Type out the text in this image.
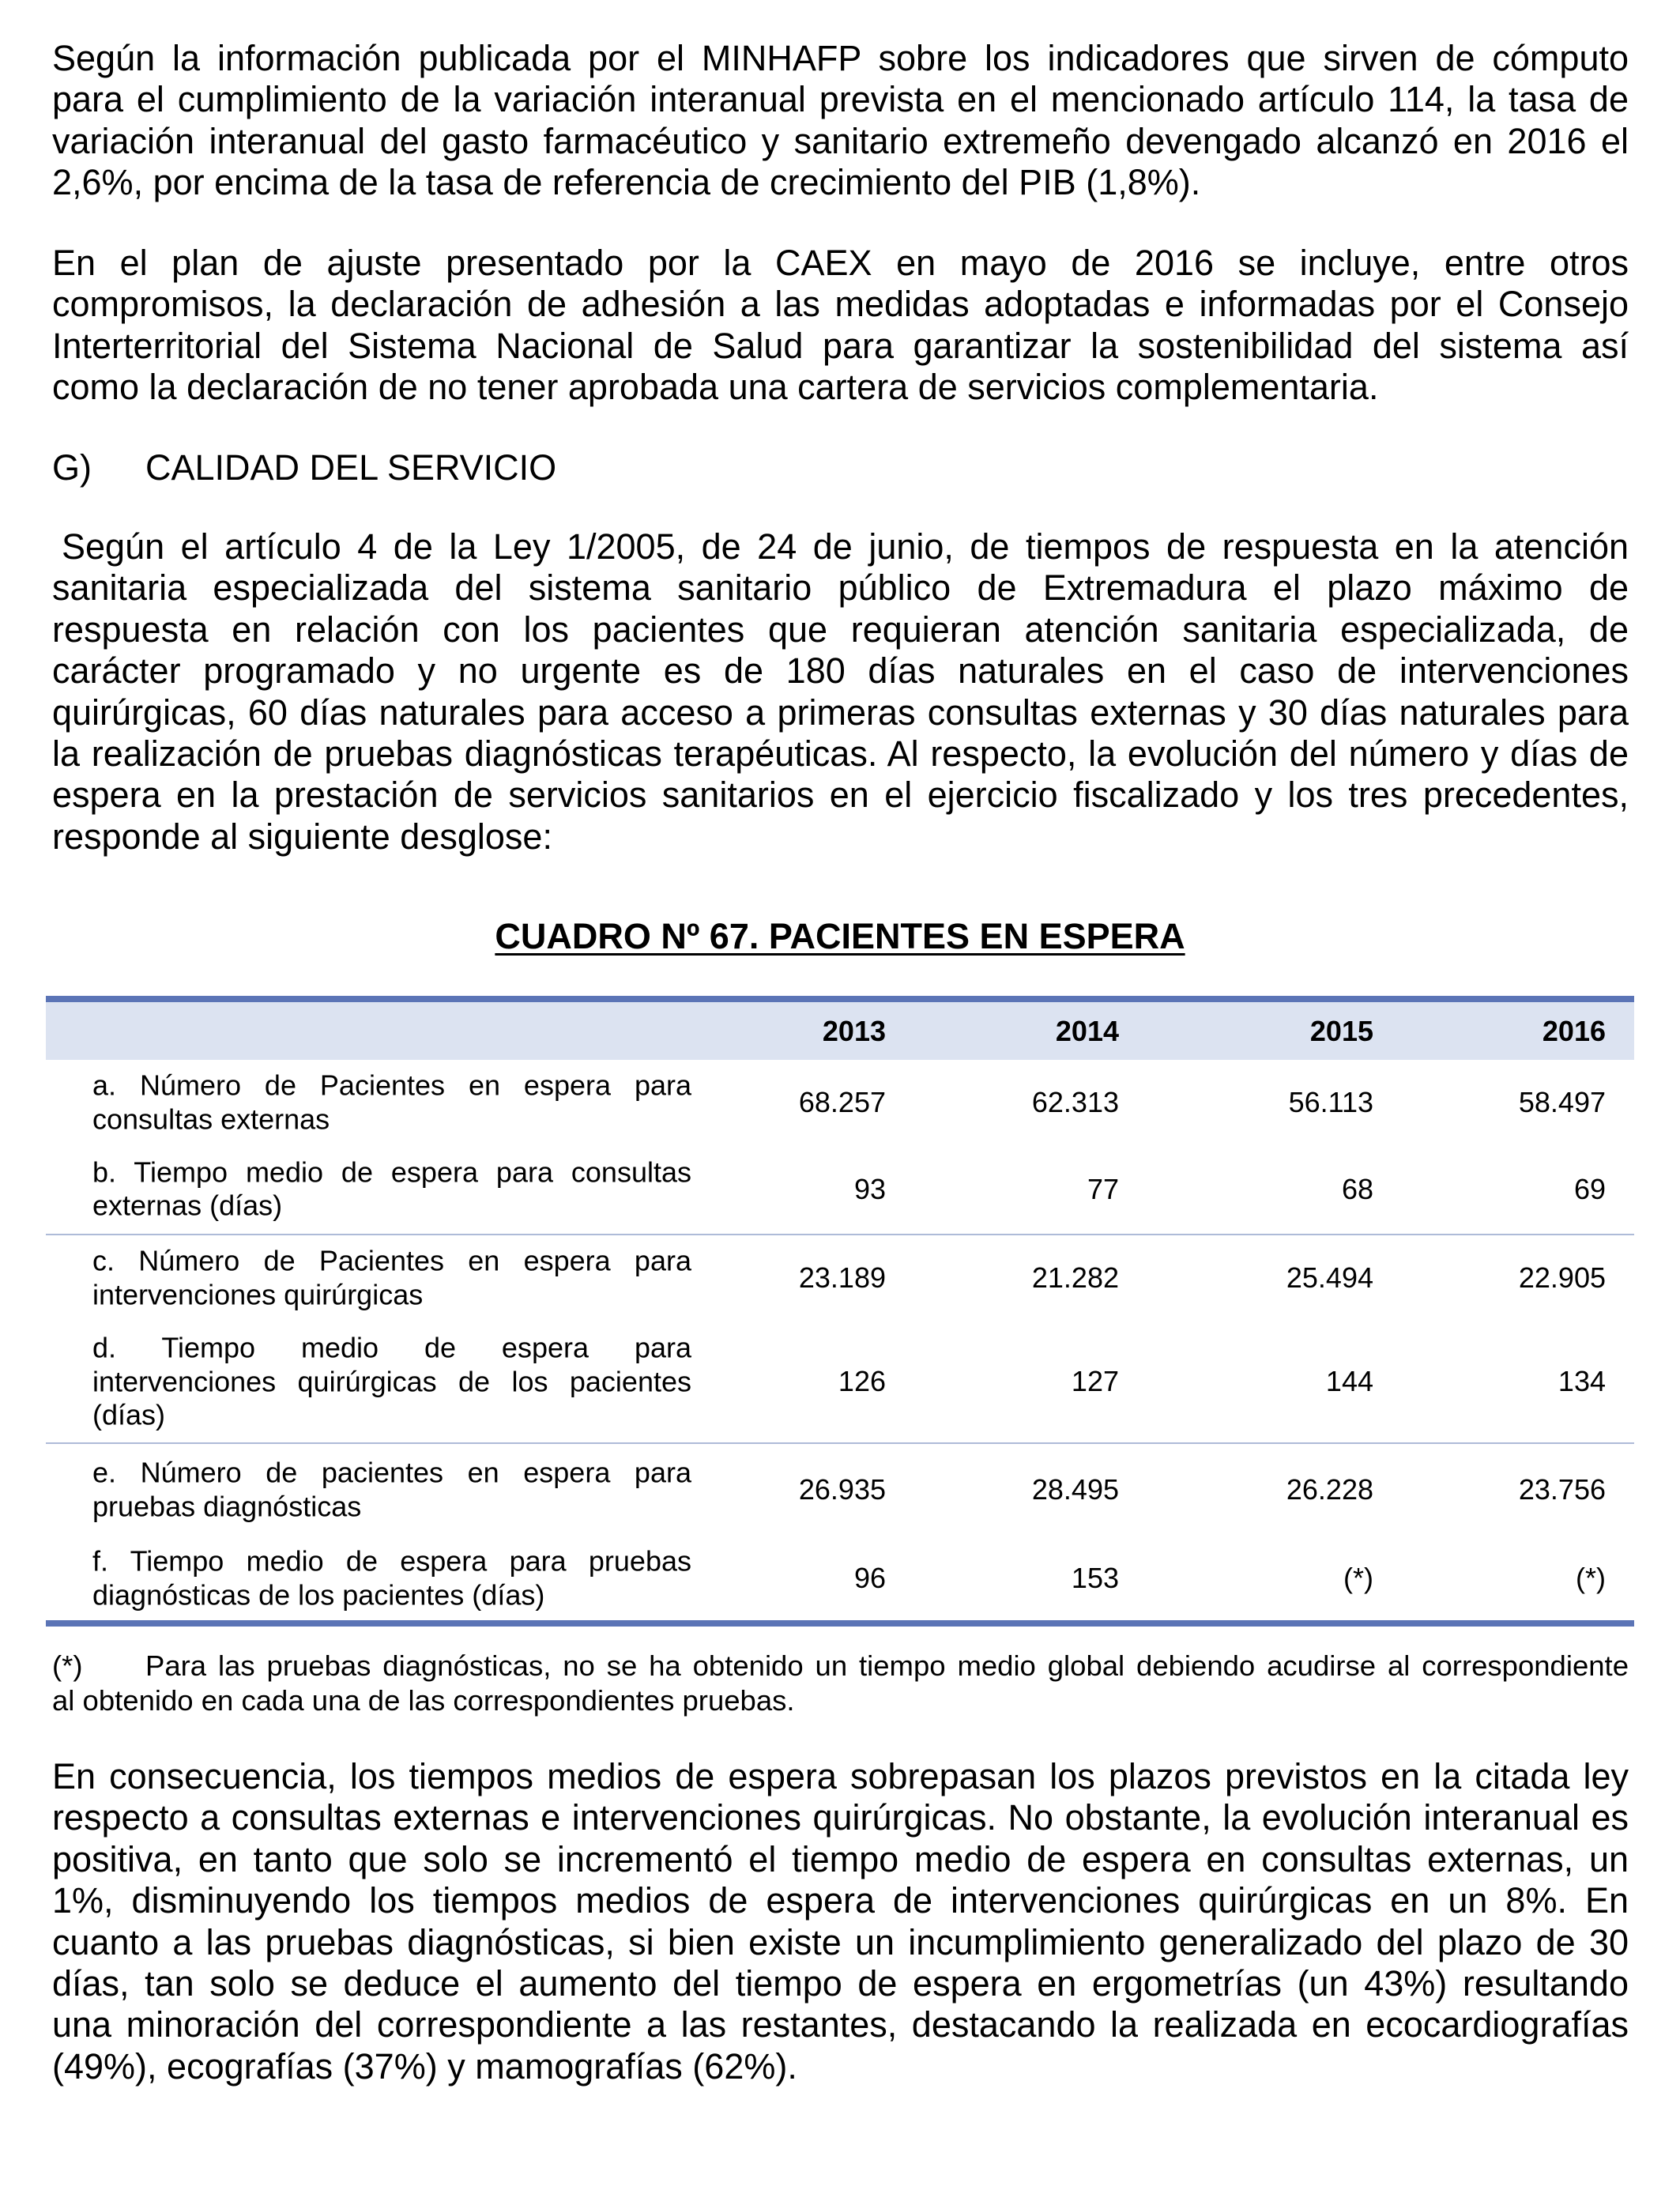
Según la información publicada por el MINHAFP sobre los indicadores que sirven de cómputo
para el cumplimiento de la variación interanual prevista en el mencionado artículo 114, la tasa de
variación interanual del gasto farmacéutico y sanitario extremeño devengado alcanzó en 2016 el
2,6%, por encima de la tasa de referencia de crecimiento del PIB (1,8%).
En el plan de ajuste presentado por la CAEX en mayo de 2016 se incluye, entre otros
compromisos, la declaración de adhesión a las medidas adoptadas e informadas por el Consejo
Interterritorial del Sistema Nacional de Salud para garantizar la sostenibilidad del sistema así
como la declaración de no tener aprobada una cartera de servicios complementaria.
G) CALIDAD DEL SERVICIO
Según el artículo 4 de la Ley 1/2005, de 24 de junio, de tiempos de respuesta en la atención
sanitaria especializada del sistema sanitario público de Extremadura el plazo máximo de
respuesta en relación con los pacientes que requieran atención sanitaria especializada, de
carácter programado y no urgente es de 180 días naturales en el caso de intervenciones
quirúrgicas, 60 días naturales para acceso a primeras consultas externas y 30 días naturales para
la realización de pruebas diagnósticas terapéuticas. Al respecto, la evolución del número y días de
espera en la prestación de servicios sanitarios en el ejercicio fiscalizado y los tres precedentes,
responde al siguiente desglose:
CUADRO Nº 67. PACIENTES EN ESPERA
2013	2014	2015	2016
a. Número de Pacientes en espera para
consultas externas
68.257	62.313	56.113	58.497
b. Tiempo medio de espera para consultas
externas (días)
93	77	68	69
c. Número de Pacientes en espera para
intervenciones quirúrgicas
23.189	21.282	25.494	22.905
d. Tiempo medio de espera para
intervenciones quirúrgicas de los pacientes
(días)
126	127	144	134
e. Número de pacientes en espera para
pruebas diagnósticas
26.935	28.495	26.228	23.756
f. Tiempo medio de espera para pruebas
diagnósticas de los pacientes (días)
96	153	(*)	(*)
(*) Para las pruebas diagnósticas, no se ha obtenido un tiempo medio global debiendo acudirse al correspondiente
al obtenido en cada una de las correspondientes pruebas.
En consecuencia, los tiempos medios de espera sobrepasan los plazos previstos en la citada ley
respecto a consultas externas e intervenciones quirúrgicas. No obstante, la evolución interanual es
positiva, en tanto que solo se incrementó el tiempo medio de espera en consultas externas, un
1%, disminuyendo los tiempos medios de espera de intervenciones quirúrgicas en un 8%. En
cuanto a las pruebas diagnósticas, si bien existe un incumplimiento generalizado del plazo de 30
días, tan solo se deduce el aumento del tiempo de espera en ergometrías (un 43%) resultando
una minoración del correspondiente a las restantes, destacando la realizada en ecocardiografías
(49%), ecografías (37%) y mamografías (62%).
